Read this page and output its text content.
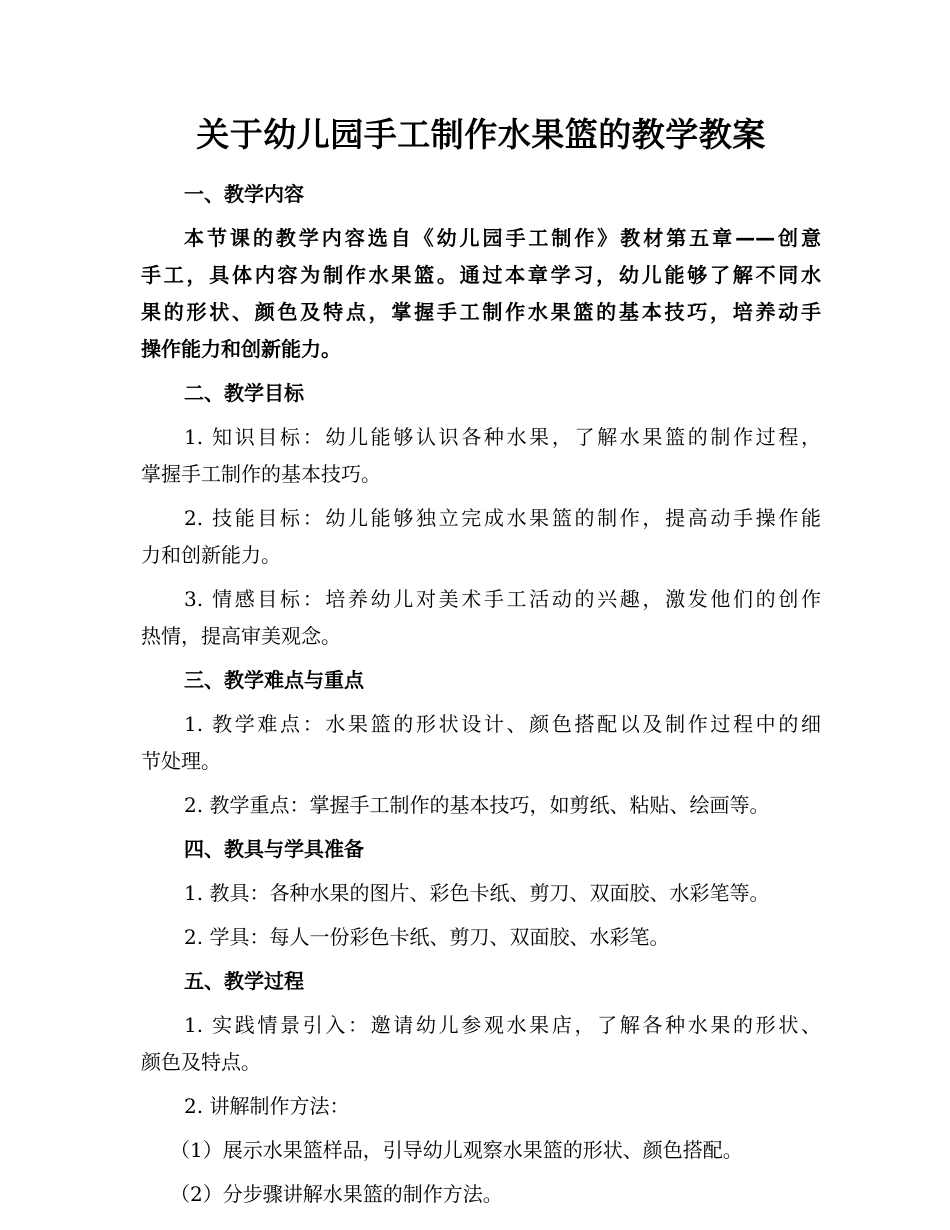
关于幼儿园手工制作水果篮的教学教案

一、教学内容

本节课的教学内容选自《幼儿园手工制作》教材第五章——创意

手工，具体内容为制作水果篮。通过本章学习，幼儿能够了解不同水

果的形状、颜色及特点，掌握手工制作水果篮的基本技巧，培养动手

操作能力和创新能力。

二、教学目标

1. 知识目标：幼儿能够认识各种水果，了解水果篮的制作过程，

掌握手工制作的基本技巧。

2. 技能目标：幼儿能够独立完成水果篮的制作，提高动手操作能

力和创新能力。

3. 情感目标：培养幼儿对美术手工活动的兴趣，激发他们的创作

热情，提高审美观念。

三、教学难点与重点

1. 教学难点：水果篮的形状设计、颜色搭配以及制作过程中的细

节处理。

2. 教学重点：掌握手工制作的基本技巧，如剪纸、粘贴、绘画等。

四、教具与学具准备

1. 教具：各种水果的图片、彩色卡纸、剪刀、双面胶、水彩笔等。

2. 学具：每人一份彩色卡纸、剪刀、双面胶、水彩笔。

五、教学过程

1. 实践情景引入：邀请幼儿参观水果店，了解各种水果的形状、

颜色及特点。

2. 讲解制作方法：

（1）展示水果篮样品，引导幼儿观察水果篮的形状、颜色搭配。

（2）分步骤讲解水果篮的制作方法。
